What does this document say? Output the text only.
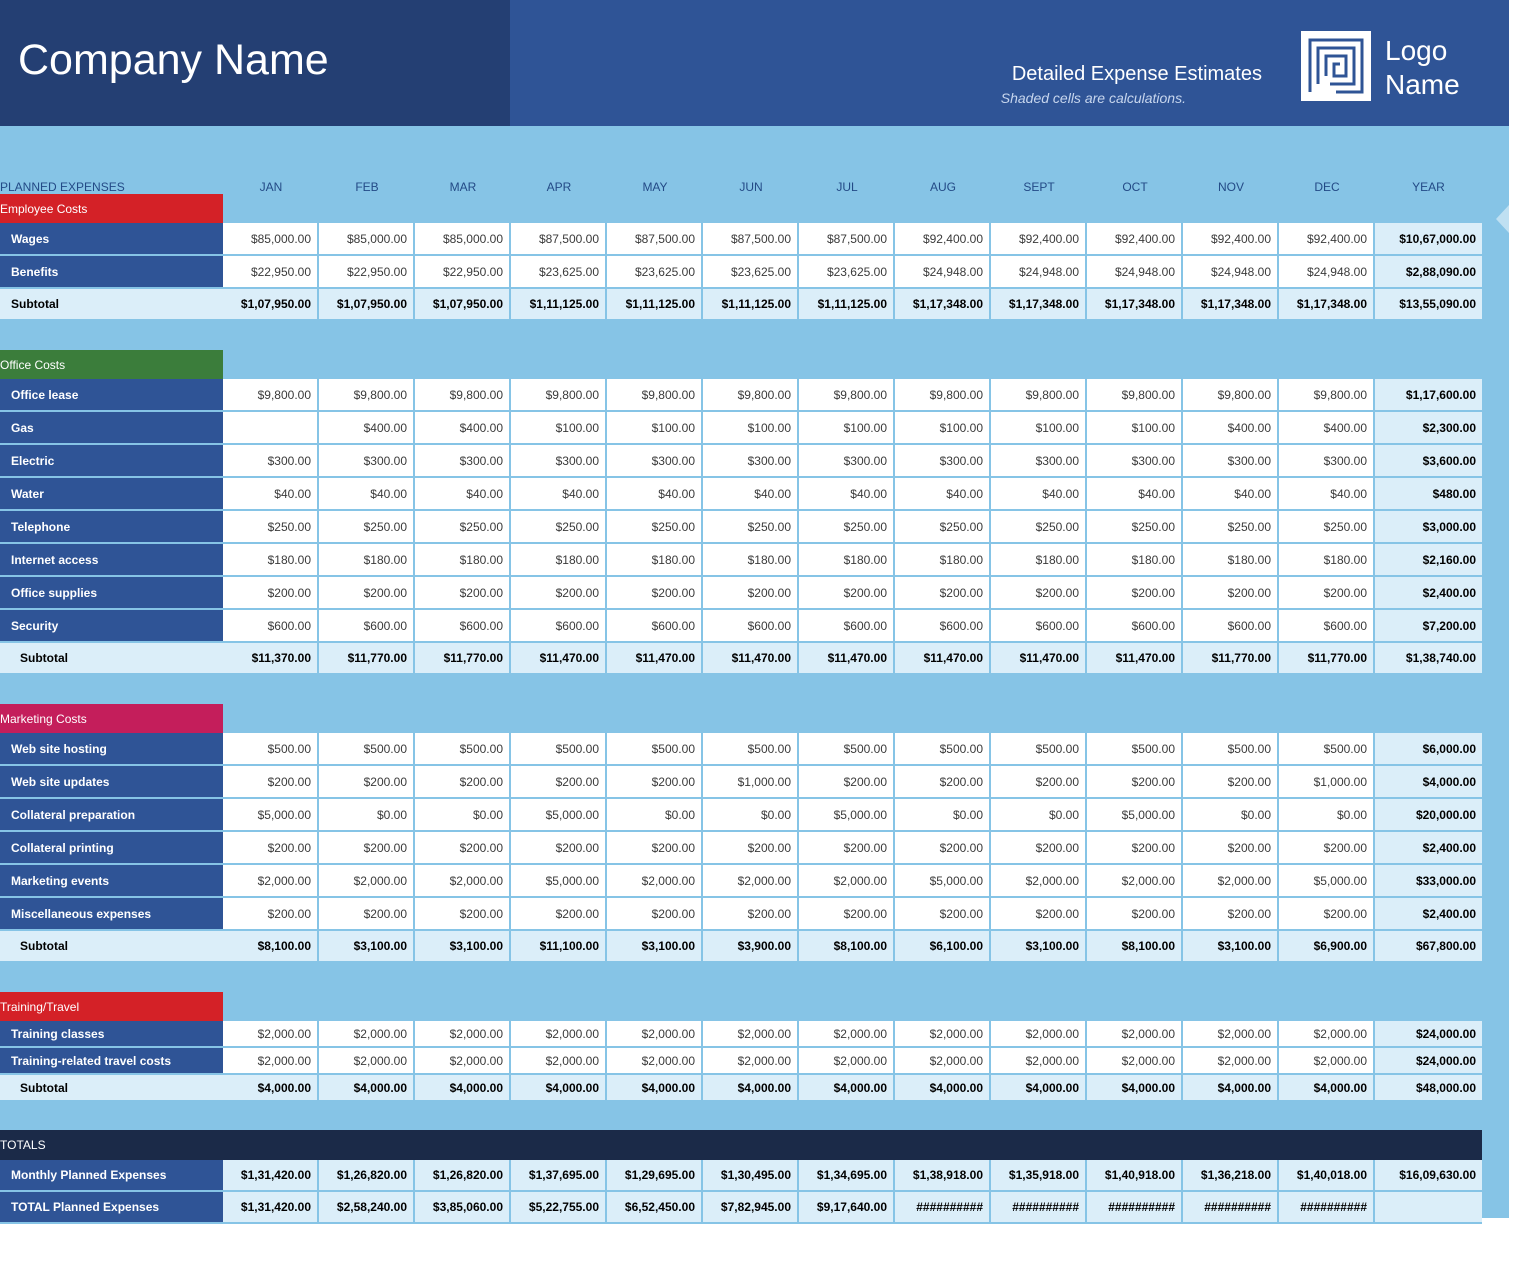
Company Name	Detailed Expense Estimates
Shaded cells are calculations.
Logo
Name
PLANNED EXPENSES	JAN	FEB	MAR	APR	MAY	JUN	JUL	AUG	SEPT	OCT	NOV	DEC	YEAR
Employee Costs													
Wages	$85,000.00	$85,000.00	$85,000.00	$87,500.00	$87,500.00	$87,500.00	$87,500.00	$92,400.00	$92,400.00	$92,400.00	$92,400.00	$92,400.00	$10,67,000.00
Benefits	$22,950.00	$22,950.00	$22,950.00	$23,625.00	$23,625.00	$23,625.00	$23,625.00	$24,948.00	$24,948.00	$24,948.00	$24,948.00	$24,948.00	$2,88,090.00
Subtotal	$1,07,950.00	$1,07,950.00	$1,07,950.00	$1,11,125.00	$1,11,125.00	$1,11,125.00	$1,11,125.00	$1,17,348.00	$1,17,348.00	$1,17,348.00	$1,17,348.00	$1,17,348.00	$13,55,090.00

Office Costs													
Office lease	$9,800.00	$9,800.00	$9,800.00	$9,800.00	$9,800.00	$9,800.00	$9,800.00	$9,800.00	$9,800.00	$9,800.00	$9,800.00	$9,800.00	$1,17,600.00
Gas		$400.00	$400.00	$100.00	$100.00	$100.00	$100.00	$100.00	$100.00	$100.00	$400.00	$400.00	$2,300.00
Electric	$300.00	$300.00	$300.00	$300.00	$300.00	$300.00	$300.00	$300.00	$300.00	$300.00	$300.00	$300.00	$3,600.00
Water	$40.00	$40.00	$40.00	$40.00	$40.00	$40.00	$40.00	$40.00	$40.00	$40.00	$40.00	$40.00	$480.00
Telephone	$250.00	$250.00	$250.00	$250.00	$250.00	$250.00	$250.00	$250.00	$250.00	$250.00	$250.00	$250.00	$3,000.00
Internet access	$180.00	$180.00	$180.00	$180.00	$180.00	$180.00	$180.00	$180.00	$180.00	$180.00	$180.00	$180.00	$2,160.00
Office supplies	$200.00	$200.00	$200.00	$200.00	$200.00	$200.00	$200.00	$200.00	$200.00	$200.00	$200.00	$200.00	$2,400.00
Security	$600.00	$600.00	$600.00	$600.00	$600.00	$600.00	$600.00	$600.00	$600.00	$600.00	$600.00	$600.00	$7,200.00
Subtotal	$11,370.00	$11,770.00	$11,770.00	$11,470.00	$11,470.00	$11,470.00	$11,470.00	$11,470.00	$11,470.00	$11,470.00	$11,770.00	$11,770.00	$1,38,740.00

Marketing Costs													
Web site hosting	$500.00	$500.00	$500.00	$500.00	$500.00	$500.00	$500.00	$500.00	$500.00	$500.00	$500.00	$500.00	$6,000.00
Web site updates	$200.00	$200.00	$200.00	$200.00	$200.00	$1,000.00	$200.00	$200.00	$200.00	$200.00	$200.00	$1,000.00	$4,000.00
Collateral preparation	$5,000.00	$0.00	$0.00	$5,000.00	$0.00	$0.00	$5,000.00	$0.00	$0.00	$5,000.00	$0.00	$0.00	$20,000.00
Collateral printing	$200.00	$200.00	$200.00	$200.00	$200.00	$200.00	$200.00	$200.00	$200.00	$200.00	$200.00	$200.00	$2,400.00
Marketing events	$2,000.00	$2,000.00	$2,000.00	$5,000.00	$2,000.00	$2,000.00	$2,000.00	$5,000.00	$2,000.00	$2,000.00	$2,000.00	$5,000.00	$33,000.00
Miscellaneous expenses	$200.00	$200.00	$200.00	$200.00	$200.00	$200.00	$200.00	$200.00	$200.00	$200.00	$200.00	$200.00	$2,400.00
Subtotal	$8,100.00	$3,100.00	$3,100.00	$11,100.00	$3,100.00	$3,900.00	$8,100.00	$6,100.00	$3,100.00	$8,100.00	$3,100.00	$6,900.00	$67,800.00

Training/Travel													
Training classes	$2,000.00	$2,000.00	$2,000.00	$2,000.00	$2,000.00	$2,000.00	$2,000.00	$2,000.00	$2,000.00	$2,000.00	$2,000.00	$2,000.00	$24,000.00
Training-related travel costs	$2,000.00	$2,000.00	$2,000.00	$2,000.00	$2,000.00	$2,000.00	$2,000.00	$2,000.00	$2,000.00	$2,000.00	$2,000.00	$2,000.00	$24,000.00
Subtotal	$4,000.00	$4,000.00	$4,000.00	$4,000.00	$4,000.00	$4,000.00	$4,000.00	$4,000.00	$4,000.00	$4,000.00	$4,000.00	$4,000.00	$48,000.00

TOTALS													
Monthly Planned Expenses	$1,31,420.00	$1,26,820.00	$1,26,820.00	$1,37,695.00	$1,29,695.00	$1,30,495.00	$1,34,695.00	$1,38,918.00	$1,35,918.00	$1,40,918.00	$1,36,218.00	$1,40,018.00	$16,09,630.00
TOTAL Planned Expenses	$1,31,420.00	$2,58,240.00	$3,85,060.00	$5,22,755.00	$6,52,450.00	$7,82,945.00	$9,17,640.00	##########	##########	##########	##########	##########	
